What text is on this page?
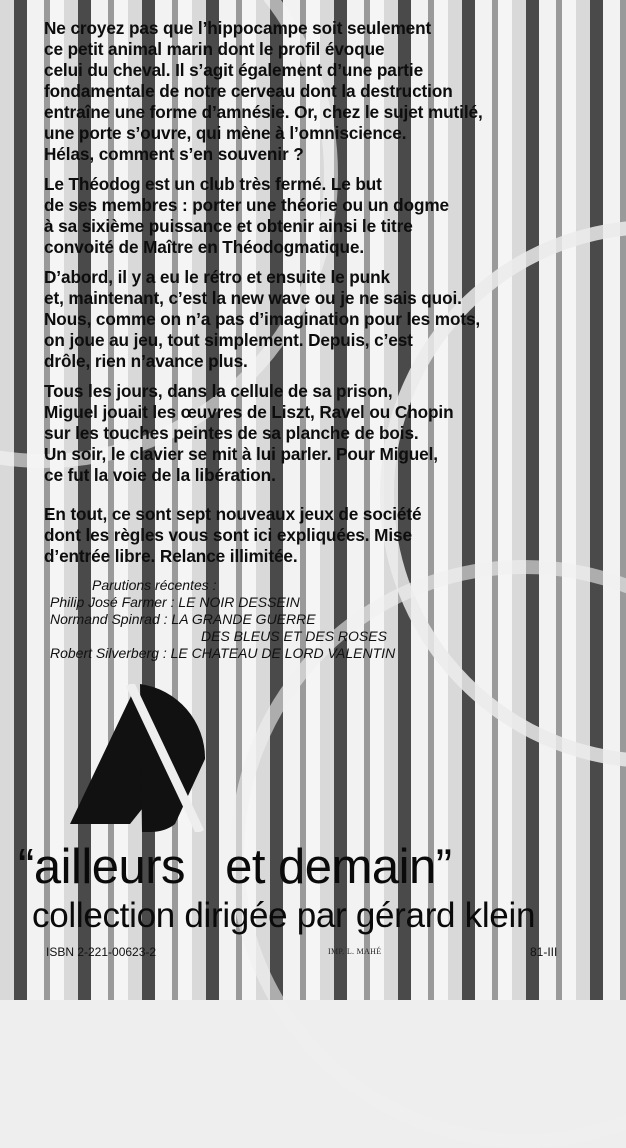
Ne croyez pas que l’hippocampe soit seulement
ce petit animal marin dont le profil évoque
celui du cheval. Il s’agit également d’une partie
fondamentale de notre cerveau dont la destruction
entraîne une forme d’amnésie. Or, chez le sujet mutilé,
une porte s’ouvre, qui mène à l’omniscience.
Hélas, comment s’en souvenir ?

Le Théodog est un club très fermé. Le but
de ses membres : porter une théorie ou un dogme
à sa sixième puissance et obtenir ainsi le titre
convoité de Maître en Théodogmatique.

D’abord, il y a eu le rétro et ensuite le punk
et, maintenant, c’est la new wave ou je ne sais quoi.
Nous, comme on n’a pas d’imagination pour les mots,
on joue au jeu, tout simplement. Depuis, c’est
drôle, rien n’avance plus.

Tous les jours, dans la cellule de sa prison,
Miguel jouait les œuvres de Liszt, Ravel ou Chopin
sur les touches peintes de sa planche de bois.
Un soir, le clavier se mit à lui parler. Pour Miguel,
ce fut la voie de la libération.

En tout, ce sont sept nouveaux jeux de société
dont les règles vous sont ici expliquées. Mise
d’entrée libre. Relance illimitée.

Parutions récentes :
Philip José Farmer : LE NOIR DESSEIN
Normand Spinrad : LA GRANDE GUERRE
DES BLEUS ET DES ROSES
Robert Silverberg : LE CHATEAU DE LORD VALENTIN
“ailleurs et demain”
collection dirigée par gérard klein
ISBN 2-221-00623-2	IMP. L. MAHÉ	81-III
